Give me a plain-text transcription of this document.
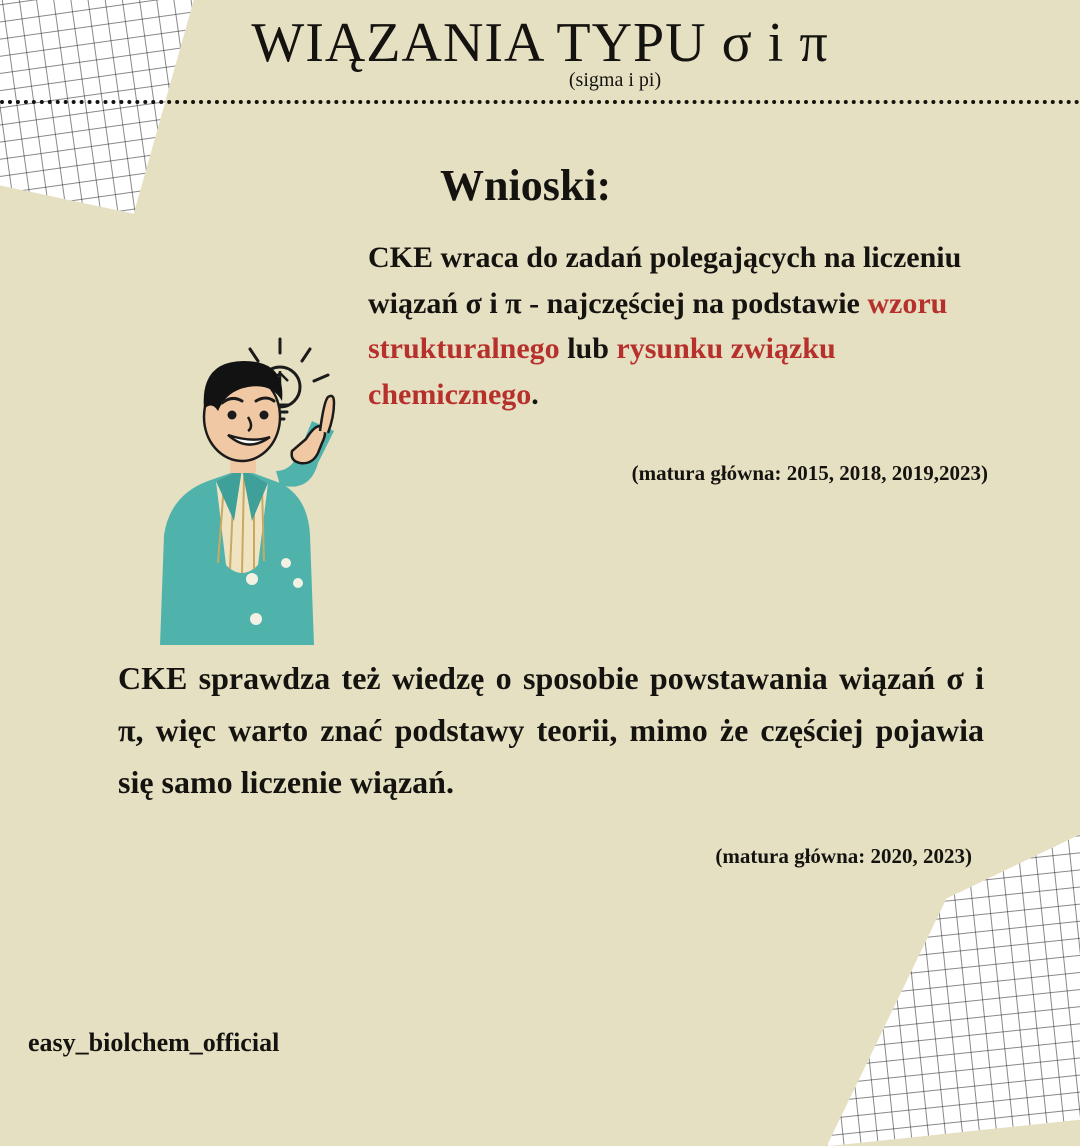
WIĄZANIA TYPU σ i π
(sigma i pi)
Wnioski:
CKE wraca do zadań polegających na liczeniu wiązań σ i π - najczęściej na podstawie wzoru strukturalnego lub rysunku związku chemicznego.
(matura główna: 2015, 2018, 2019,2023)
CKE sprawdza też wiedzę o sposobie powstawania wiązań σ i π, więc warto znać podstawy teorii, mimo że częściej pojawia się samo liczenie wiązań.
(matura główna: 2020, 2023)
easy_biolchem_official
